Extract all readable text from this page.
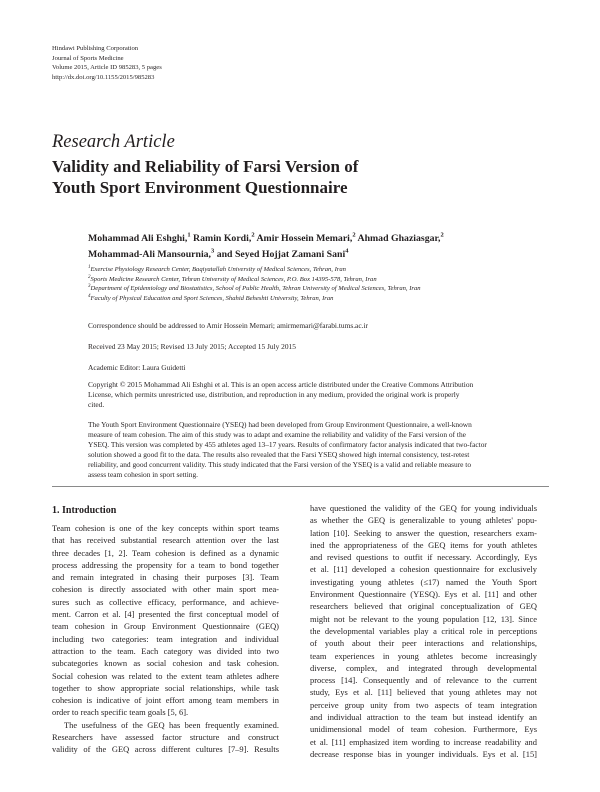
Hindawi Publishing Corporation
Journal of Sports Medicine
Volume 2015, Article ID 985283, 5 pages
http://dx.doi.org/10.1155/2015/985283
Research Article
Validity and Reliability of Farsi Version of
Youth Sport Environment Questionnaire
Mohammad Ali Eshghi,$^1$ Ramin Kordi,$^2$ Amir Hossein Memari,$^2$ Ahmad Ghaziasgar,$^2$
Mohammad-Ali Mansournia,$^3$ and Seyed Hojjat Zamani Sani$^4$
$^1$Exercise Physiology Research Center, Baqiyatallah University of Medical Sciences, Tehran, Iran
$^2$Sports Medicine Research Center, Tehran University of Medical Sciences, P.O. Box 14395-578, Tehran, Iran
$^3$Department of Epidemiology and Biostatistics, School of Public Health, Tehran University of Medical Sciences, Tehran, Iran
$^4$Faculty of Physical Education and Sport Sciences, Shahid Beheshti University, Tehran, Iran
Correspondence should be addressed to Amir Hossein Memari; amirmemari@farabi.tums.ac.ir
Received 23 May 2015; Revised 13 July 2015; Accepted 15 July 2015
Academic Editor: Laura Guidetti
Copyright © 2015 Mohammad Ali Eshghi et al. This is an open access article distributed under the Creative Commons Attribution
License, which permits unrestricted use, distribution, and reproduction in any medium, provided the original work is properly
cited.
The Youth Sport Environment Questionnaire (YSEQ) had been developed from Group Environment Questionnaire, a well-known
measure of team cohesion. The aim of this study was to adapt and examine the reliability and validity of the Farsi version of the
YSEQ. This version was completed by 455 athletes aged 13–17 years. Results of confirmatory factor analysis indicated that two-factor
solution showed a good fit to the data. The results also revealed that the Farsi YSEQ showed high internal consistency, test-retest
reliability, and good concurrent validity. This study indicated that the Farsi version of the YSEQ is a valid and reliable measure to
assess team cohesion in sport setting.
1. Introduction
Team cohesion is one of the key concepts within sport teams
that has received substantial research attention over the last
three decades [1, 2]. Team cohesion is defined as a dynamic
process addressing the propensity for a team to bond together
and remain integrated in chasing their purposes [3]. Team
cohesion is directly associated with other main sport mea-
sures such as collective efficacy, performance, and achieve-
ment. Carron et al. [4] presented the first conceptual model of
team cohesion in Group Environment Questionnaire (GEQ)
including two categories: team integration and individual
attraction to the team. Each category was divided into two
subcategories known as social cohesion and task cohesion.
Social cohesion was related to the extent team athletes adhere
together to show appropriate social relationships, while task
cohesion is indicative of joint effort among team members in
order to reach specific team goals [5, 6].
The usefulness of the GEQ has been frequently examined.
Researchers have assessed factor structure and construct
validity of the GEQ across different cultures [7–9]. Results
have questioned the validity of the GEQ for young individuals
as whether the GEQ is generalizable to young athletes' popu-
lation [10]. Seeking to answer the question, researchers exam-
ined the appropriateness of the GEQ items for youth athletes
and revised questions to outfit if necessary. Accordingly, Eys
et al. [11] developed a cohesion questionnaire for exclusively
investigating young athletes (≤17) named the Youth Sport
Environment Questionnaire (YESQ). Eys et al. [11] and other
researchers believed that original conceptualization of GEQ
might not be relevant to the young population [12, 13]. Since
the developmental variables play a critical role in perceptions
of youth about their peer interactions and relationships,
team experiences in young athletes become increasingly
diverse, complex, and integrated through developmental
process [14]. Consequently and of relevance to the current
study, Eys et al. [11] believed that young athletes may not
perceive group unity from two aspects of team integration
and individual attraction to the team but instead identify an
unidimensional model of team cohesion. Furthermore, Eys
et al. [11] emphasized item wording to increase readability and
decrease response bias in younger individuals. Eys et al. [15]
